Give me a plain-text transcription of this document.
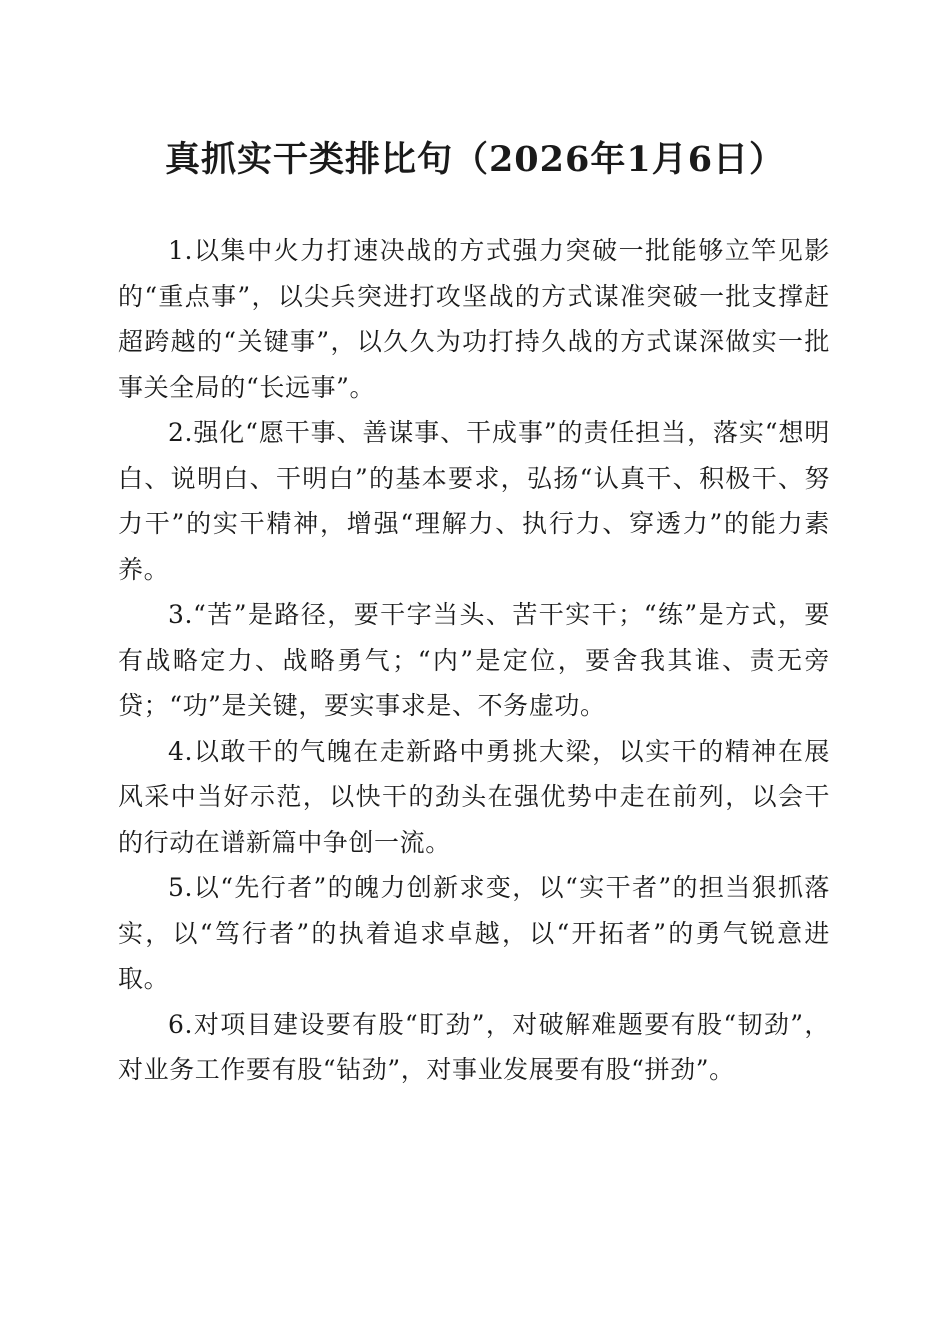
真抓实干类排比句（2026年1月6日）

1.以集中火力打速决战的方式强力突破一批能够立竿见影的“重点事”，以尖兵突进打攻坚战的方式谋准突破一批支撑赶超跨越的“关键事”，以久久为功打持久战的方式谋深做实一批事关全局的“长远事”。

2.强化“愿干事、善谋事、干成事”的责任担当，落实“想明白、说明白、干明白”的基本要求，弘扬“认真干、积极干、努力干”的实干精神，增强“理解力、执行力、穿透力”的能力素养。

3.“苦”是路径，要干字当头、苦干实干；“练”是方式，要有战略定力、战略勇气；“内”是定位，要舍我其谁、责无旁贷；“功”是关键，要实事求是、不务虚功。

4.以敢干的气魄在走新路中勇挑大梁，以实干的精神在展风采中当好示范，以快干的劲头在强优势中走在前列，以会干的行动在谱新篇中争创一流。

5.以“先行者”的魄力创新求变，以“实干者”的担当狠抓落实，以“笃行者”的执着追求卓越，以“开拓者”的勇气锐意进取。

6.对项目建设要有股“盯劲”，对破解难题要有股“韧劲”，对业务工作要有股“钻劲”，对事业发展要有股“拼劲”。
